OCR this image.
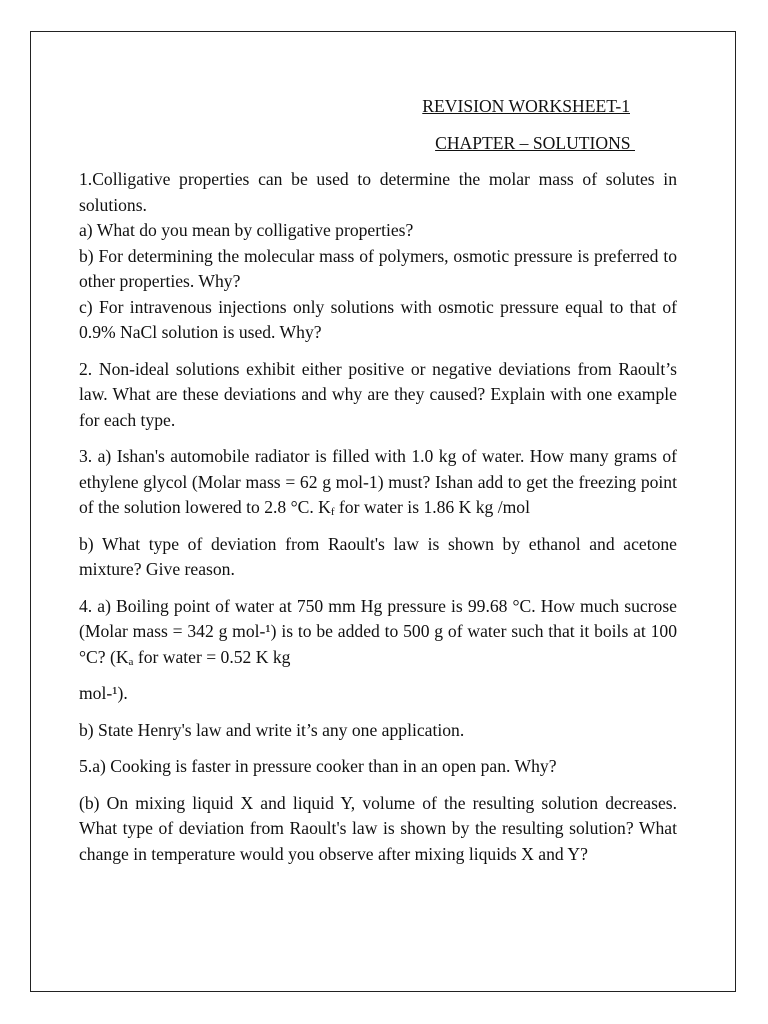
REVISION WORKSHEET-1

CHAPTER – SOLUTIONS

1.Colligative properties can be used to determine the molar mass of solutes in solutions.
a) What do you mean by colligative properties?
b) For determining the molecular mass of polymers, osmotic pressure is preferred to other properties. Why?
c) For intravenous injections only solutions with osmotic pressure equal to that of 0.9% NaCl solution is used. Why?
2. Non-ideal solutions exhibit either positive or negative deviations from Raoult’s law. What are these deviations and why are they caused? Explain with one example for each type.
3. a) Ishan's automobile radiator is filled with 1.0 kg of water. How many grams of ethylene glycol (Molar mass = 62 g mol-1) must? Ishan add to get the freezing point of the solution lowered to 2.8 °C. $K_f$ for water is 1.86 K kg /mol
b) What type of deviation from Raoult's law is shown by ethanol and acetone mixture? Give reason.
4. a) Boiling point of water at 750 mm Hg pressure is 99.68 °C. How much sucrose (Molar mass = 342 g mol-¹) is to be added to 500 g of water such that it boils at 100 °C? ($K_a$ for water = 0.52 K kg
mol-¹).
b) State Henry's law and write it’s any one application.
5.a) Cooking is faster in pressure cooker than in an open pan. Why?
(b) On mixing liquid X and liquid Y, volume of the resulting solution decreases. What type of deviation from Raoult's law is shown by the resulting solution? What change in temperature would you observe after mixing liquids X and Y?
